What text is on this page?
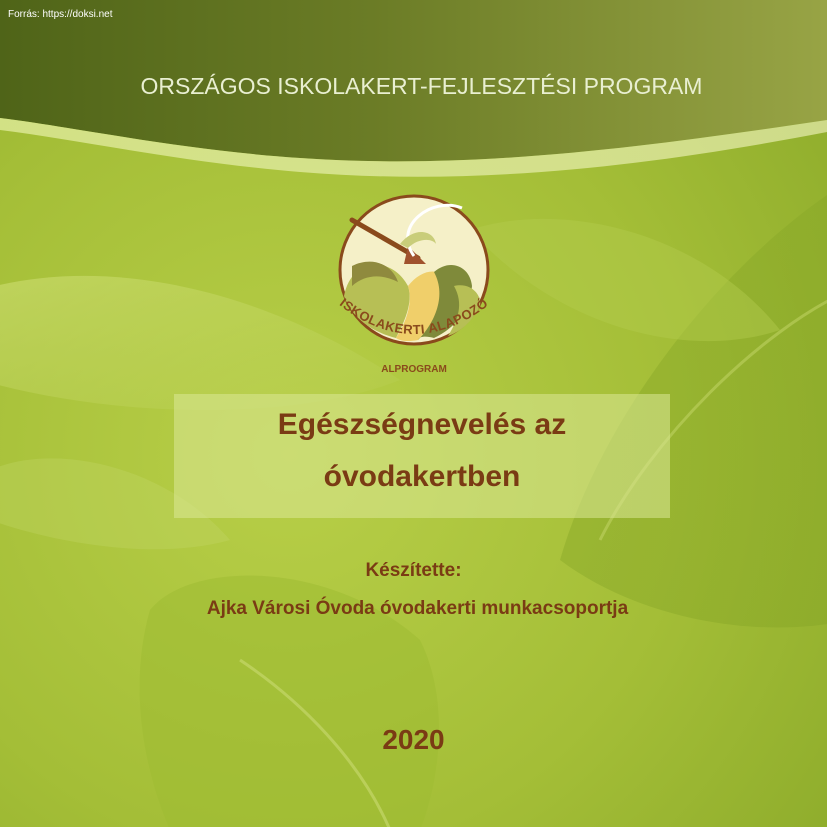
Forrás: https://doksi.net
ORSZÁGOS ISKOLAKERT-FEJLESZTÉSI PROGRAM
ISKOLAKERTI ALAPOZÓ
ALPROGRAM
Egészségnevelés az
óvodakertben
Készítette:
Ajka Városi Óvoda óvodakerti munkacsoportja
2020
